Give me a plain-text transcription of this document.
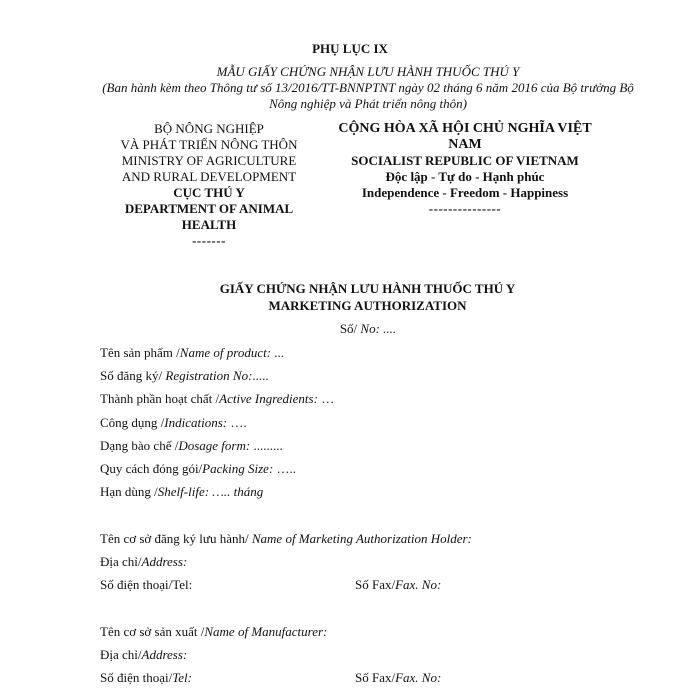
PHỤ LỤC IX
MẪU GIẤY CHỨNG NHẬN LƯU HÀNH THUỐC THÚ Y
(Ban hành kèm theo Thông tư số 13/2016/TT-BNNPTNT ngày 02 tháng 6 năm 2016 của Bộ trưởng Bộ Nông nghiệp và Phát triển nông thôn)
BỘ NÔNG NGHIỆP
VÀ PHÁT TRIỂN NÔNG THÔN
MINISTRY OF AGRICULTURE
AND RURAL DEVELOPMENT
CỤC THÚ Y
DEPARTMENT OF ANIMAL
HEALTH
-------
CỘNG HÒA XÃ HỘI CHỦ NGHĨA VIỆT
NAM
SOCIALIST REPUBLIC OF VIETNAM
Độc lập - Tự do - Hạnh phúc
Independence - Freedom - Happiness
---------------
GIẤY CHỨNG NHẬN LƯU HÀNH THUỐC THÚ Y
MARKETING AUTHORIZATION
Số/ No: ....
Tên sản phẩm /Name of product: ...
Số đăng ký/ Registration No:.....
Thành phần hoạt chất /Active Ingredients: …
Công dụng /Indications: ….
Dạng bào chế /Dosage form: .........
Quy cách đóng gói/Packing Size: …..
Hạn dùng /Shelf-life: ….. tháng
Tên cơ sở đăng ký lưu hành/ Name of Marketing Authorization Holder:
Địa chỉ/Address:
Số điện thoại/Tel:	Số Fax/Fax. No:
Tên cơ sở sản xuất /Name of Manufacturer:
Địa chỉ/Address:
Số điện thoại/Tel:	Số Fax/Fax. No:
